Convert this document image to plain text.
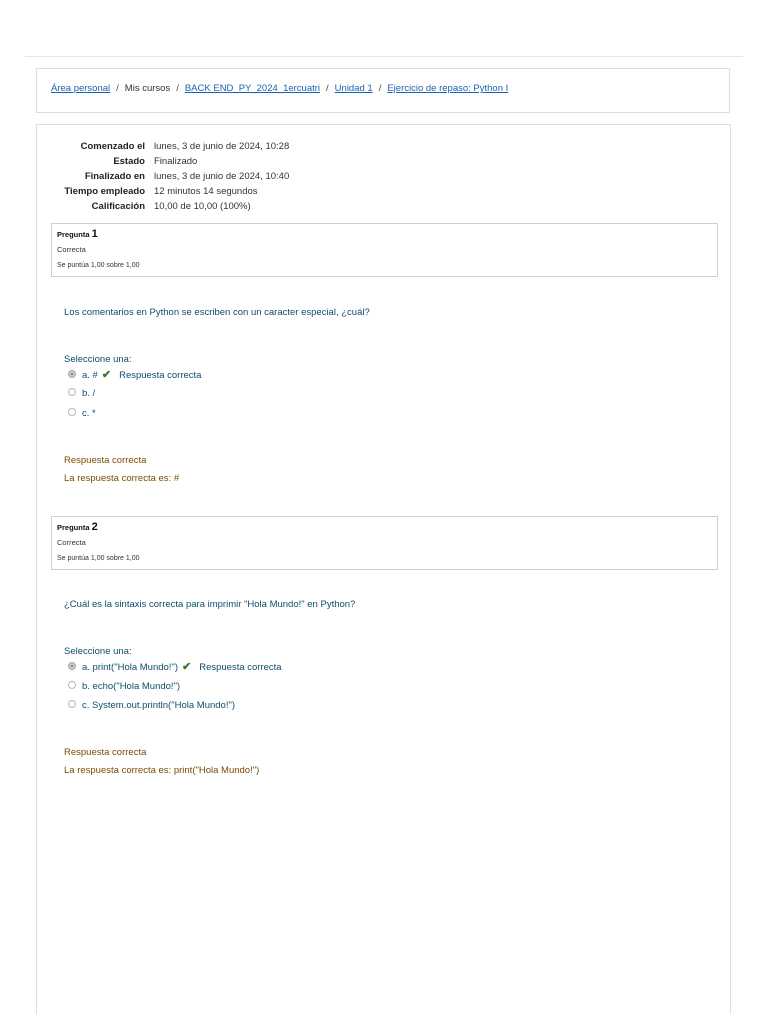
Área personal / Mis cursos / BACK END_PY_2024_1ercuatri / Unidad 1 / Ejercicio de repaso: Python I
Comenzado el lunes, 3 de junio de 2024, 10:28
Estado Finalizado
Finalizado en lunes, 3 de junio de 2024, 10:40
Tiempo empleado 12 minutos 14 segundos
Calificación 10,00 de 10,00 (100%)
Pregunta 1
Correcta
Se puntúa 1,00 sobre 1,00
Los comentarios en Python se escriben con un caracter especial, ¿cuál?
Seleccione una:
a. # ✔ Respuesta correcta
b. /
c. *
Respuesta correcta
La respuesta correcta es: #
Pregunta 2
Correcta
Se puntúa 1,00 sobre 1,00
¿Cuál es la sintaxis correcta para imprimir "Hola Mundo!" en Python?
Seleccione una:
a. print("Hola Mundo!") ✔ Respuesta correcta
b. echo("Hola Mundo!")
c. System.out.println("Hola Mundo!")
Respuesta correcta
La respuesta correcta es: print("Hola Mundo!")
